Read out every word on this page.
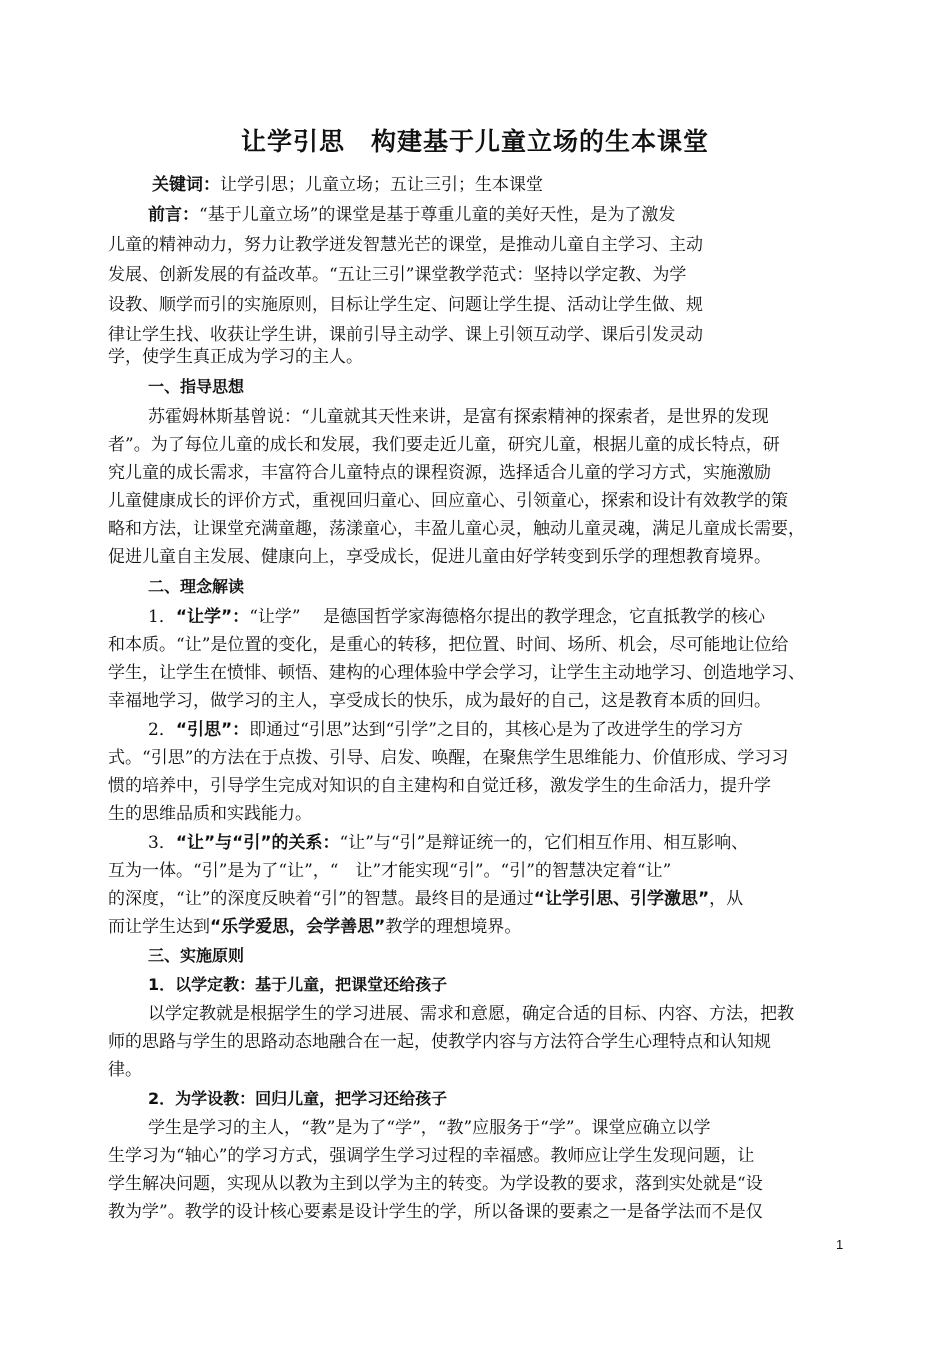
让学引思　构建基于儿童立场的生本课堂
关键词：让学引思；儿童立场；五让三引；生本课堂
前言：“基于儿童立场”的课堂是基于尊重儿童的美好天性，是为了激发
儿童的精神动力，努力让教学迸发智慧光芒的课堂，是推动儿童自主学习、主动
发展、创新发展的有益改革。“五让三引”课堂教学范式：坚持以学定教、为学
设教、顺学而引的实施原则，目标让学生定、问题让学生提、活动让学生做、规
律让学生找、收获让学生讲，课前引导主动学、课上引领互动学、课后引发灵动
学，使学生真正成为学习的主人。
一、指导思想
苏霍姆林斯基曾说：“儿童就其天性来讲，是富有探索精神的探索者，是世界的发现
者”。为了每位儿童的成长和发展，我们要走近儿童，研究儿童，根据儿童的成长特点，研
究儿童的成长需求，丰富符合儿童特点的课程资源，选择适合儿童的学习方式，实施激励
儿童健康成长的评价方式，重视回归童心、回应童心、引领童心，探索和设计有效教学的策
略和方法，让课堂充满童趣，荡漾童心，丰盈儿童心灵，触动儿童灵魂，满足儿童成长需要，
促进儿童自主发展、健康向上，享受成长，促进儿童由好学转变到乐学的理想教育境界。
二、理念解读
1．“让学”：“让学”　 是德国哲学家海德格尔提出的教学理念，它直抵教学的核心
和本质。“让”是位置的变化，是重心的转移，把位置、时间、场所、机会，尽可能地让位给
学生，让学生在愤悱、顿悟、建构的心理体验中学会学习，让学生主动地学习、创造地学习、
幸福地学习，做学习的主人，享受成长的快乐，成为最好的自己，这是教育本质的回归。
2．“引思”：即通过“引思”达到“引学”之目的，其核心是为了改进学生的学习方
式。“引思”的方法在于点拨、引导、启发、唤醒，在聚焦学生思维能力、价值形成、学习习
惯的培养中，引导学生完成对知识的自主建构和自觉迁移，激发学生的生命活力，提升学
生的思维品质和实践能力。
3．“让”与“引”的关系：“让”与“引”是辩证统一的，它们相互作用、相互影响、
互为一体。“引”是为了“让”，“　让”才能实现“引”。“引”的智慧决定着“让”
的深度，“让”的深度反映着“引”的智慧。最终目的是通过“让学引思、引学激思”，从
而让学生达到“乐学爱思，会学善思”教学的理想境界。
三、实施原则
1．以学定教：基于儿童，把课堂还给孩子
以学定教就是根据学生的学习进展、需求和意愿，确定合适的目标、内容、方法，把教
师的思路与学生的思路动态地融合在一起，使教学内容与方法符合学生心理特点和认知规
律。
2．为学设教：回归儿童，把学习还给孩子
学生是学习的主人，“教”是为了“学”，“教”应服务于“学”。课堂应确立以学
生学习为“轴心”的学习方式，强调学生学习过程的幸福感。教师应让学生发现问题，让
学生解决问题，实现从以教为主到以学为主的转变。为学设教的要求，落到实处就是“设
教为学”。教学的设计核心要素是设计学生的学，所以备课的要素之一是备学法而不是仅
1
